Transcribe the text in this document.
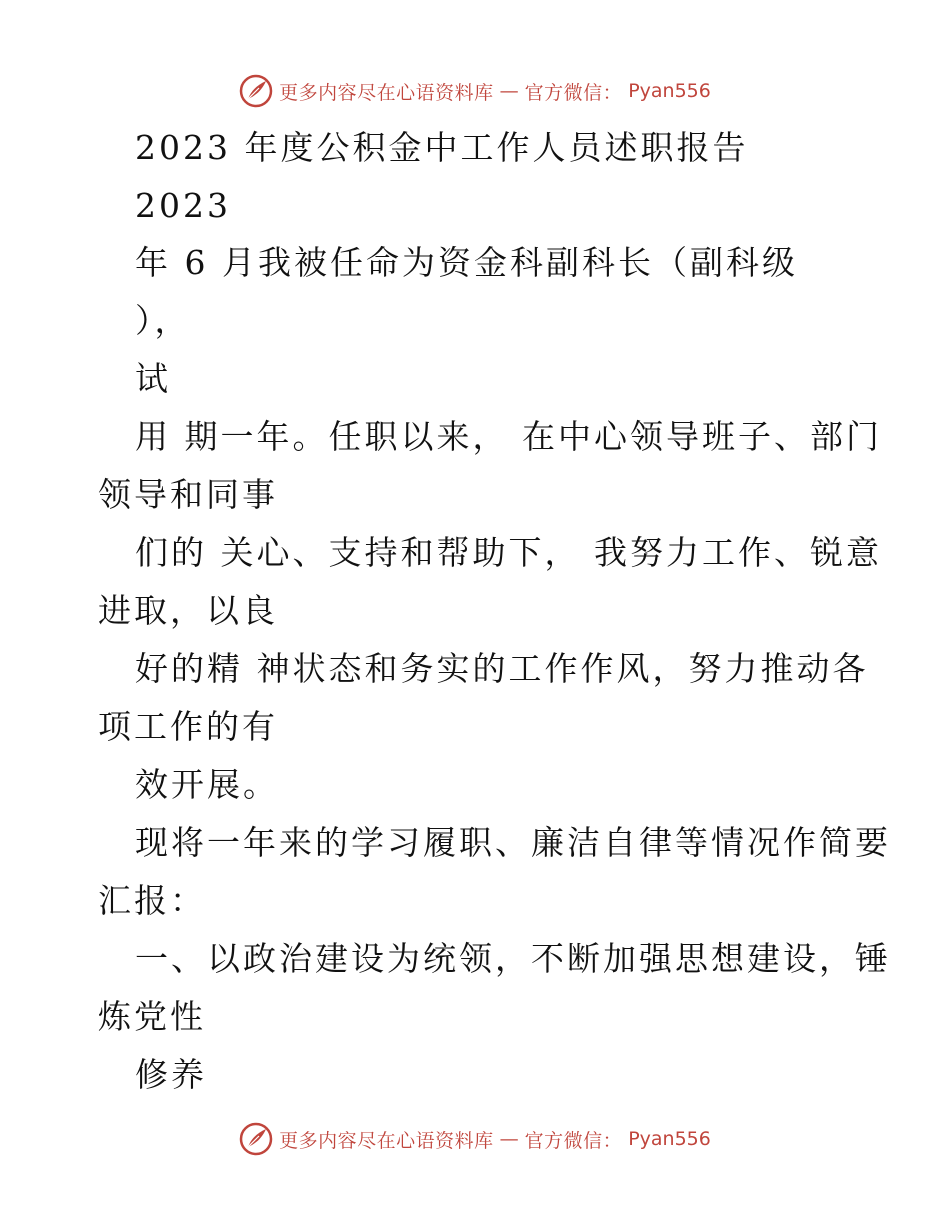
更多内容尽在心语资料库 — 官方微信： Pyan556
2023 年度公积金中工作人员述职报告
2023
年 6 月我被任命为资金科副科长（副科级
），
试
用 期一年。任职以来， 在中心领导班子、部门
领导和同事
们的 关心、支持和帮助下， 我努力工作、锐意
进取，以良
好的精 神状态和务实的工作作风，努力推动各
项工作的有
效开展。
现将一年来的学习履职、廉洁自律等情况作简要
汇报：
一、以政治建设为统领，不断加强思想建设，锤
炼党性
修养
更多内容尽在心语资料库 — 官方微信： Pyan556
